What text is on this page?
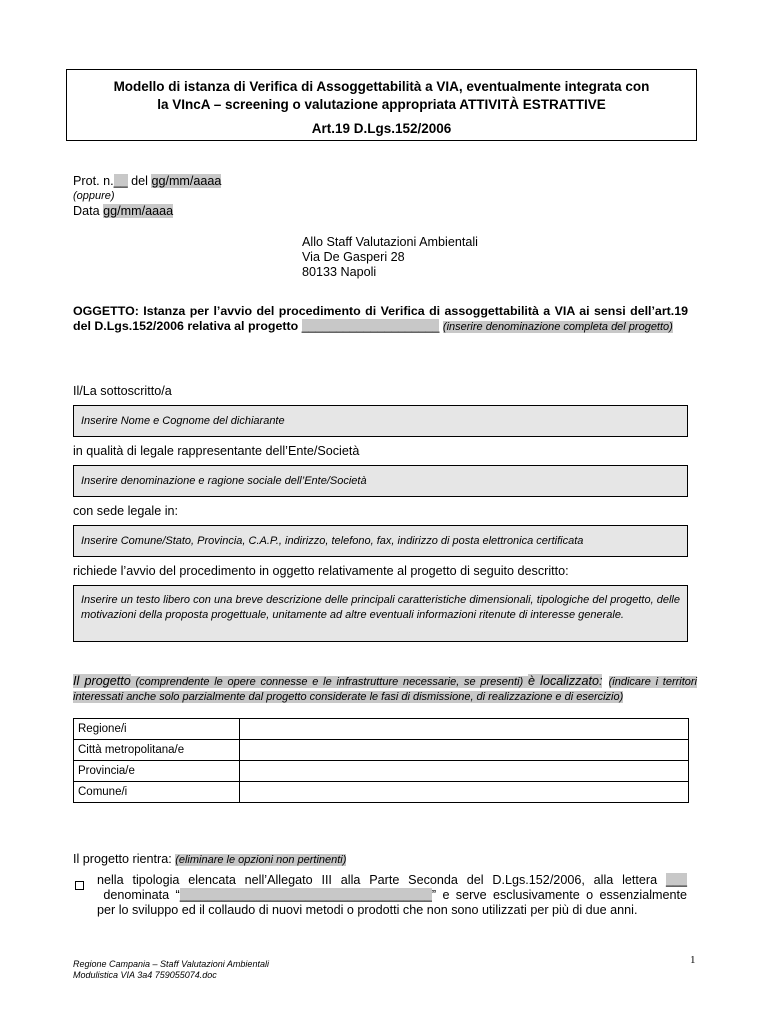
Modello di istanza di Verifica di Assoggettabilità a VIA, eventualmente integrata con
la VIncA – screening o valutazione appropriata ATTIVITÀ ESTRATTIVE
Art.19 D.Lgs.152/2006
Prot. n.__ del gg/mm/aaaa
(oppure)
Data gg/mm/aaaa
Allo Staff Valutazioni Ambientali
Via De Gasperi 28
80133 Napoli
OGGETTO: Istanza per l’avvio del procedimento di Verifica di assoggettabilità a VIA ai sensi dell’art.19 del D.Lgs.152/2006 relativa al progetto ____________________ (inserire denominazione completa del progetto)
Il/La sottoscritto/a
Inserire Nome e Cognome del dichiarante
in qualità di legale rappresentante dell’Ente/Società
Inserire denominazione e ragione sociale dell’Ente/Società
con sede legale in:
Inserire Comune/Stato, Provincia, C.A.P., indirizzo, telefono, fax, indirizzo di posta elettronica certificata
richiede l’avvio del procedimento in oggetto relativamente al progetto di seguito descritto:
Inserire un testo libero con una breve descrizione delle principali caratteristiche dimensionali, tipologiche del progetto, delle motivazioni della proposta progettuale, unitamente ad altre eventuali informazioni ritenute di interesse generale.
Il progetto (comprendente le opere connesse e le infrastrutture necessarie, se presenti) è localizzato: (indicare i territori interessati anche solo parzialmente dal progetto considerate le fasi di dismissione, di realizzazione e di esercizio)
Regione/i	
Città metropolitana/e	
Provincia/e	
Comune/i	
Il progetto rientra: (eliminare le opzioni non pertinenti)
nella tipologia elencata nell’Allegato III alla Parte Seconda del D.Lgs.152/2006, alla lettera ___ denominata “____________________________________” e serve esclusivamente o essenzialmente per lo sviluppo ed il collaudo di nuovi metodi o prodotti che non sono utilizzati per più di due anni.
Regione Campania – Staff Valutazioni Ambientali
Modulistica VIA 3a4 759055074.doc
1
